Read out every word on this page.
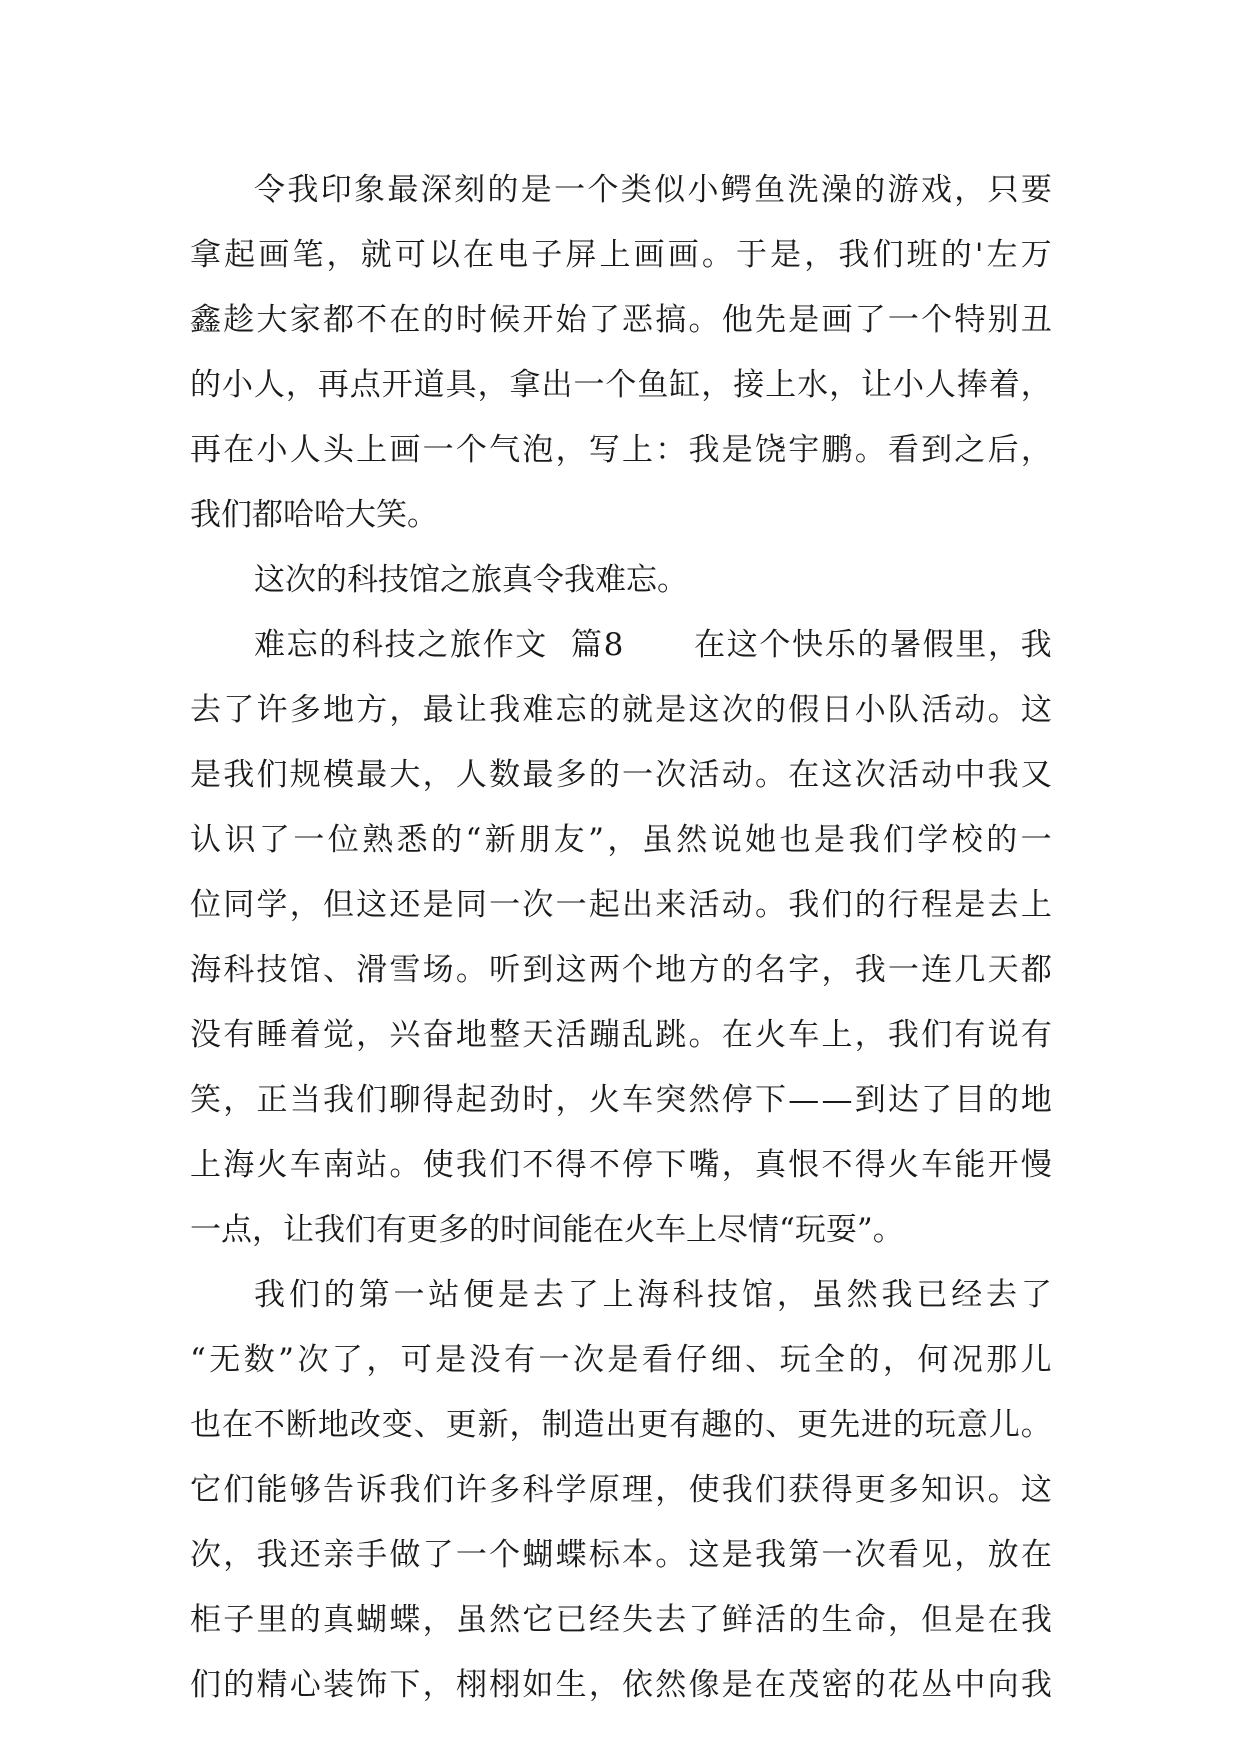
令 我 印 象 最 深 刻 的 是 一 个 类 似 小 鳄 鱼 洗 澡 的 游 戏 ， 只 要
拿 起 画 笔 ， 就 可 以 在 电 子 屏 上 画 画 。 于 是 ， 我 们 班 的 ' 左 万
鑫 趁 大 家 都 不 在 的 时 候 开 始 了 恶 搞 。 他 先 是 画 了 一 个 特 别 丑
的 小 人 ， 再 点 开 道 具 ， 拿 出 一 个 鱼 缸 ， 接 上 水 ， 让 小 人 捧 着 ，
再 在 小 人 头 上 画 一 个 气 泡 ， 写 上 ： 我 是 饶 宇 鹏 。 看 到 之 后 ，
我们都哈哈大笑。
这次的科技馆之旅真令我难忘。
难 忘 的 科 技 之 旅 作 文

篇 8

在 这 个 快 乐 的 暑 假 里 ， 我
去 了 许 多 地 方 ， 最 让 我 难 忘 的 就 是 这 次 的 假 日 小 队 活 动 。 这
是 我 们 规 模 最 大 ， 人 数 最 多 的 一 次 活 动 。 在 这 次 活 动 中 我 又
认 识 了 一 位 熟 悉 的 “ 新 朋 友 ” ， 虽 然 说 她 也 是 我 们 学 校 的 一
位 同 学 ， 但 这 还 是 同 一 次 一 起 出 来 活 动 。 我 们 的 行 程 是 去 上
海 科 技 馆 、 滑 雪 场 。 听 到 这 两 个 地 方 的 名 字 ， 我 一 连 几 天 都
没 有 睡 着 觉 ， 兴 奋 地 整 天 活 蹦 乱 跳 。 在 火 车 上 ， 我 们 有 说 有
笑 ， 正 当 我 们 聊 得 起 劲 时 ， 火 车 突 然 停 下 — — 到 达 了 目 的 地
上 海 火 车 南 站 。 使 我 们 不 得 不 停 下 嘴 ， 真 恨 不 得 火 车 能 开 慢
一点，让我们有更多的时间能在火车上尽情“玩耍”。
我 们 的 第 一 站 便 是 去 了 上 海 科 技 馆 ， 虽 然 我 已 经 去 了
“ 无 数 ” 次 了 ， 可 是 没 有 一 次 是 看 仔 细 、 玩 全 的 ， 何 况 那 儿
也 在 不 断 地 改 变 、 更 新 ， 制 造 出 更 有 趣 的 、 更 先 进 的 玩 意 儿 。
它 们 能 够 告 诉 我 们 许 多 科 学 原 理 ， 使 我 们 获 得 更 多 知 识 。 这
次 ， 我 还 亲 手 做 了 一 个 蝴 蝶 标 本 。 这 是 我 第 一 次 看 见 ， 放 在
柜 子 里 的 真 蝴 蝶 ， 虽 然 它 已 经 失 去 了 鲜 活 的 生 命 ， 但 是 在 我
们 的 精 心 装 饰 下 ， 栩 栩 如 生 ， 依 然 像 是 在 茂 密 的 花 丛 中 向 我
